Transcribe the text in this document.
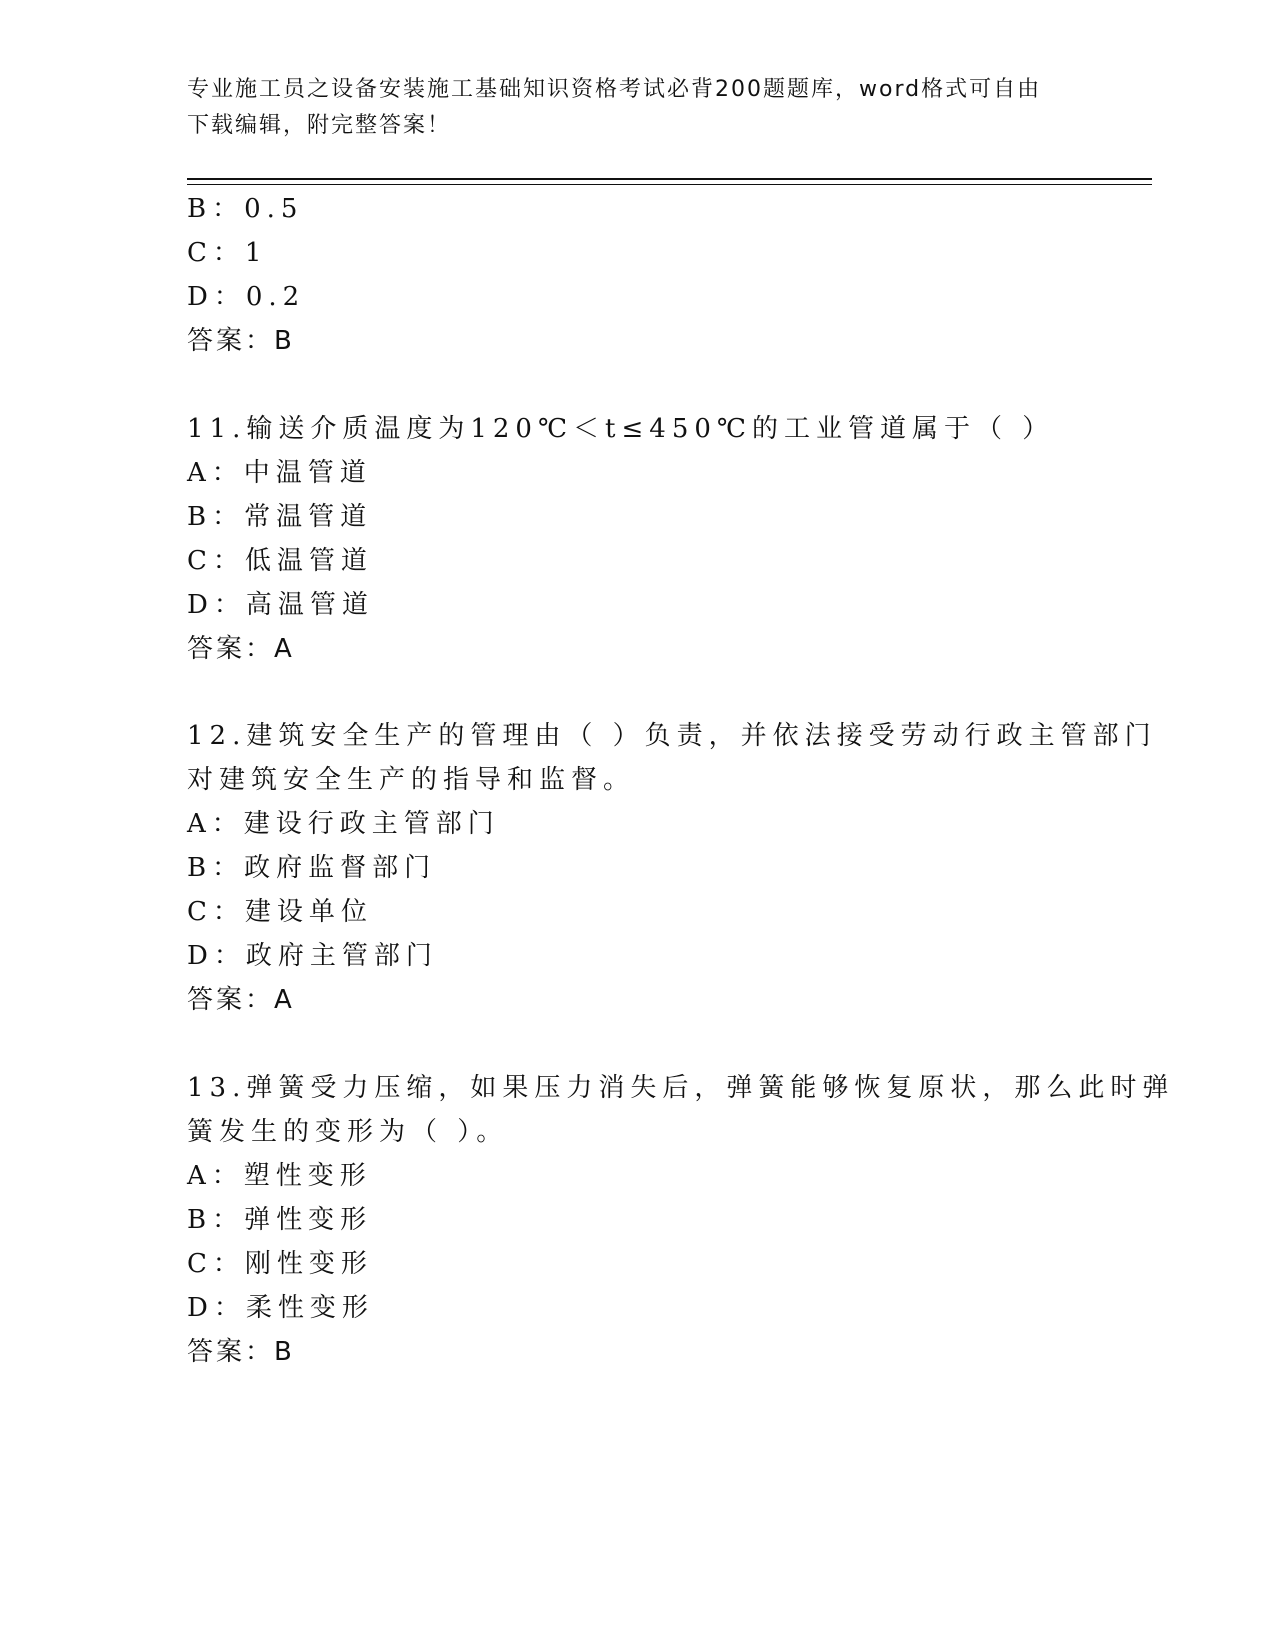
专业施工员之设备安装施工基础知识资格考试必背200题题库，word格式可自由
下载编辑，附完整答案！
B：0.5
C：1
D：0.2
答案：B
11.输送介质温度为120℃＜t≤450℃的工业管道属于（ ）
A：中温管道
B：常温管道
C：低温管道
D：高温管道
答案：A
12.建筑安全生产的管理由（ ）负责，并依法接受劳动行政主管部门
对建筑安全生产的指导和监督。
A：建设行政主管部门
B：政府监督部门
C：建设单位
D：政府主管部门
答案：A
13.弹簧受力压缩，如果压力消失后，弹簧能够恢复原状，那么此时弹
簧发生的变形为（ ）。
A：塑性变形
B：弹性变形
C：刚性变形
D：柔性变形
答案：B
